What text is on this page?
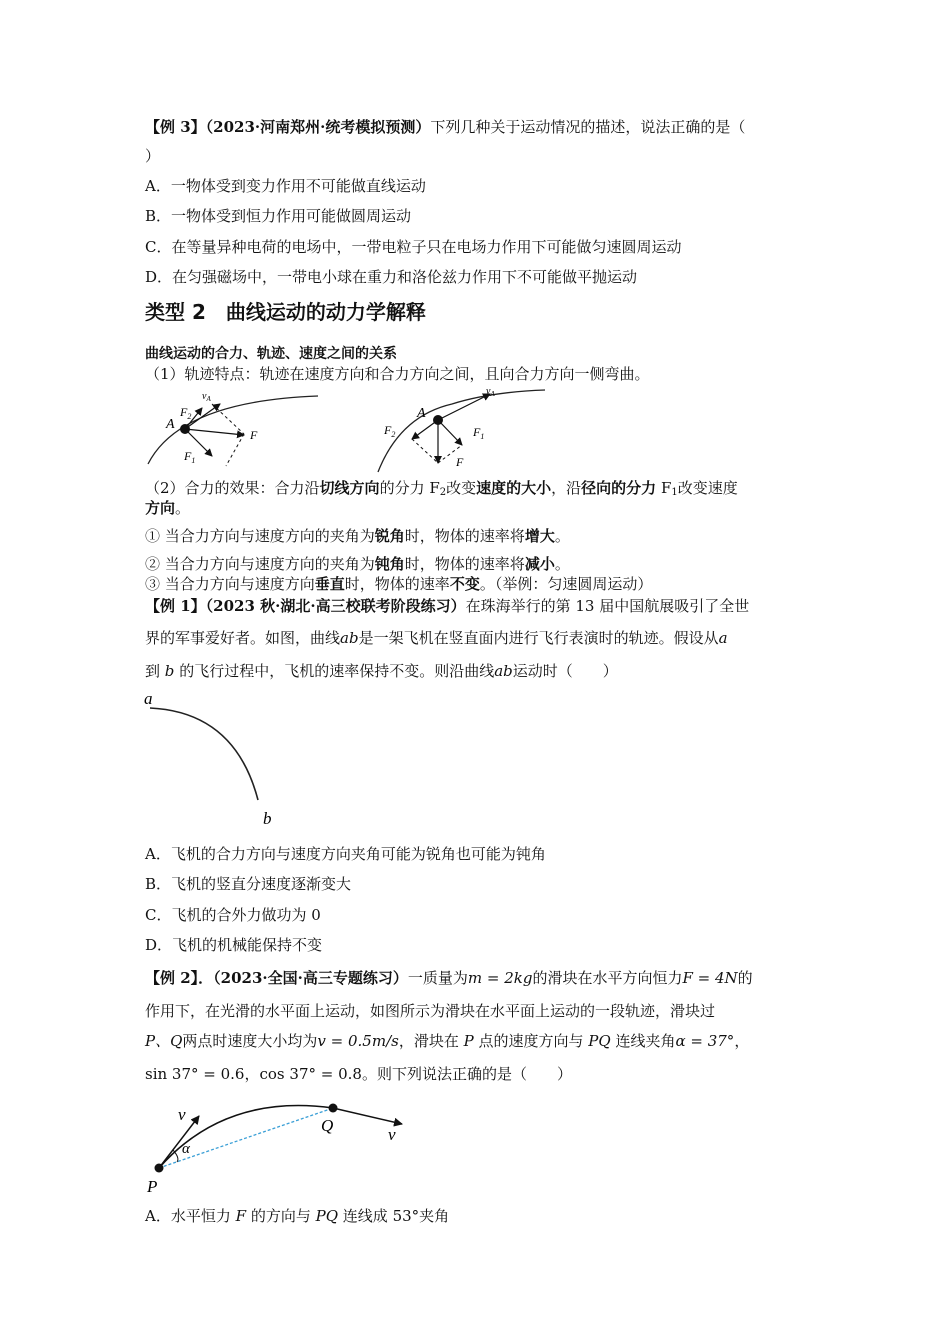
【例 3】（2023·河南郑州·统考模拟预测）下列几种关于运动情况的描述，说法正确的是（
）
A．一物体受到变力作用不可能做直线运动
B．一物体受到恒力作用可能做圆周运动
C．在等量异种电荷的电场中，一带电粒子只在电场力作用下可能做匀速圆周运动
D．在匀强磁场中，一带电小球在重力和洛伦兹力作用下不可能做平抛运动
类型 2　曲线运动的动力学解释
曲线运动的合力、轨迹、速度之间的关系
（1）轨迹特点：轨迹在速度方向和合力方向之间，且向合力方向一侧弯曲。
A
$F_2$
$v_A$
F
$F_1$
A
$v_A$
$F_2$	$F_1$
F
（2）合力的效果：合力沿切线方向的分力 $F_2$改变速度的大小，沿径向的分力 $F_1$改变速度
方向。
① 当合力方向与速度方向的夹角为锐角时，物体的速率将增大。
② 当合力方向与速度方向的夹角为钝角时，物体的速率将减小。
③ 当合力方向与速度方向垂直时，物体的速率不变。（举例：匀速圆周运动）
【例 1】（2023 秋·湖北·高三校联考阶段练习）在珠海举行的第 13 届中国航展吸引了全世
界的军事爱好者。如图，曲线ab是一架飞机在竖直面内进行飞行表演时的轨迹。假设从a
到 b 的飞行过程中，飞机的速率保持不变。则沿曲线ab运动时（　　）
a
b
A．飞机的合力方向与速度方向夹角可能为锐角也可能为钝角
B．飞机的竖直分速度逐渐变大
C．飞机的合外力做功为 0
D．飞机的机械能保持不变
【例 2】．（2023·全国·高三专题练习）一质量为m = 2kg的滑块在水平方向恒力F = 4N的
作用下，在光滑的水平面上运动，如图所示为滑块在水平面上运动的一段轨迹，滑块过
P、Q两点时速度大小均为v = 0.5m/s，滑块在 P 点的速度方向与 PQ 连线夹角α = 37°，
sin 37° = 0.6，cos 37° = 0.8。则下列说法正确的是（　　）
v
α
P
Q	v
A．水平恒力 F 的方向与 PQ 连线成 53°夹角
